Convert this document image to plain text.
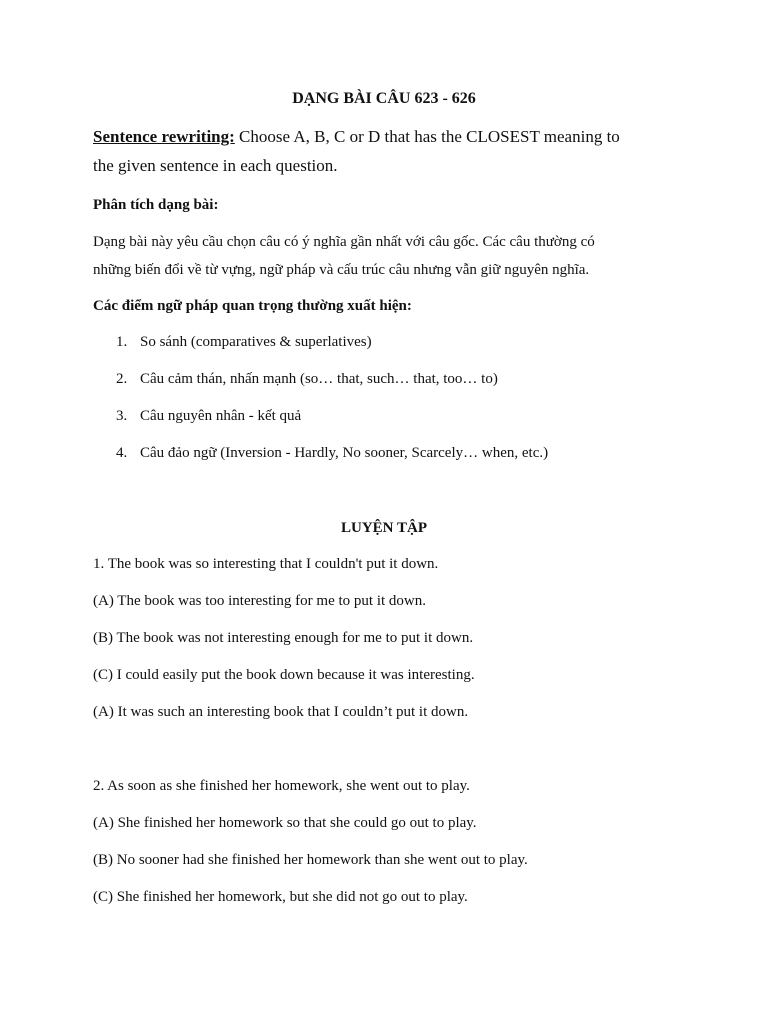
DẠNG BÀI CÂU 623 - 626
Sentence rewriting: Choose A, B, C or D that has the CLOSEST meaning to
the given sentence in each question.
Phân tích dạng bài:
Dạng bài này yêu cầu chọn câu có ý nghĩa gần nhất với câu gốc. Các câu thường có
những biến đổi về từ vựng, ngữ pháp và cấu trúc câu nhưng vẫn giữ nguyên nghĩa.
Các điểm ngữ pháp quan trọng thường xuất hiện:
1. So sánh (comparatives & superlatives)
2. Câu cảm thán, nhấn mạnh (so… that, such… that, too… to)
3. Câu nguyên nhân - kết quả
4. Câu đảo ngữ (Inversion - Hardly, No sooner, Scarcely… when, etc.)
LUYỆN TẬP
1. The book was so interesting that I couldn't put it down.
(A) The book was too interesting for me to put it down.
(B) The book was not interesting enough for me to put it down.
(C) I could easily put the book down because it was interesting.
(A) It was such an interesting book that I couldn’t put it down.
2. As soon as she finished her homework, she went out to play.
(A) She finished her homework so that she could go out to play.
(B) No sooner had she finished her homework than she went out to play.
(C) She finished her homework, but she did not go out to play.
